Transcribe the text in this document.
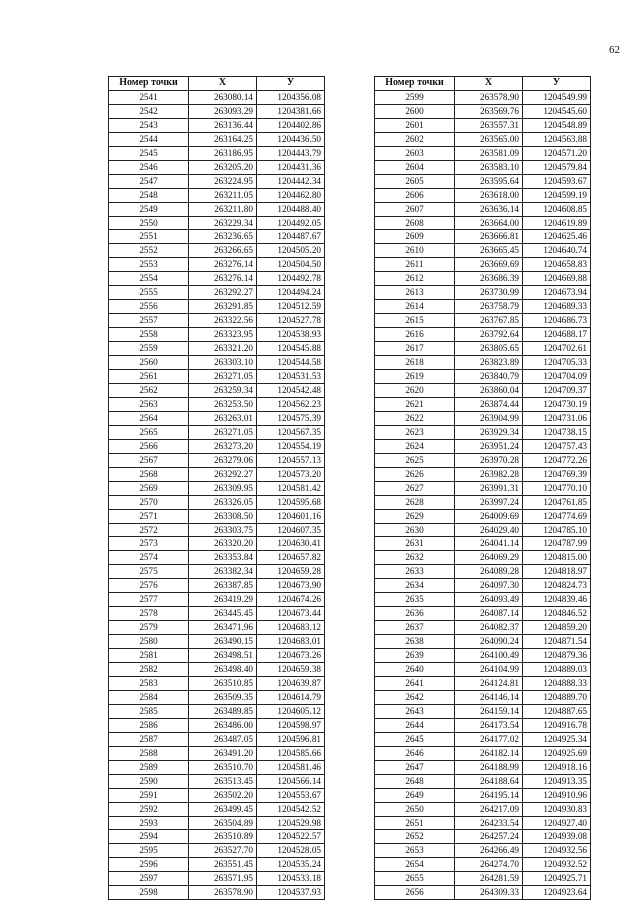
62
Номер точки	X	У
2541	263080.14	1204356.08
2542	263093.29	1204381.66
2543	263136.44	1204402.86
2544	263164.25	1204436.50
2545	263186.95	1204443.79
2546	263205.20	1204431.36
2547	263224.95	1204442.34
2548	263211.05	1204462.80
2549	263211.80	1204488.40
2550	263229.34	1204492.05
2551	263236.65	1204487.67
2552	263266.65	1204505.20
2553	263276.14	1204504.50
2554	263276.14	1204492.78
2555	263292.27	1204494.24
2556	263291.85	1204512.59
2557	263322.56	1204527.78
2558	263323.95	1204538.93
2559	263321.20	1204545.88
2560	263303.10	1204544.58
2561	263271.05	1204531.53
2562	263259.34	1204542.48
2563	263253.50	1204562.23
2564	263263.01	1204575.39
2565	263271.05	1204567.35
2566	263273.20	1204554.19
2567	263279.06	1204557.13
2568	263292.27	1204573.20
2569	263309.95	1204581.42
2570	263326.05	1204595.68
2571	263308.50	1204601.16
2572	263303.75	1204607.35
2573	263320.20	1204630.41
2574	263353.84	1204657.82
2575	263382.34	1204659.28
2576	263387.85	1204673.90
2577	263419.29	1204674.26
2578	263445.45	1204673.44
2579	263471.96	1204683.12
2580	263490.15	1204683.01
2581	263498.51	1204673.26
2582	263498.40	1204659.38
2583	263510.85	1204639.87
2584	263509.35	1204614.79
2585	263489.85	1204605.12
2586	263486.00	1204598.97
2587	263487.05	1204596.81
2588	263491.20	1204585.66
2589	263510.70	1204581.46
2590	263513.45	1204566.14
2591	263502.20	1204553.67
2592	263499.45	1204542.52
2593	263504.89	1204529.98
2594	263510.89	1204522.57
2595	263527.70	1204528.05
2596	263551.45	1204535.24
2597	263571.95	1204533.18
2598	263578.90	1204537.93
Номер точки	X	У
2599	263578.90	1204549.99
2600	263569.76	1204545.60
2601	263557.31	1204548.89
2602	263565.00	1204563.88
2603	263581.09	1204571.20
2604	263583.10	1204579.84
2605	263595.64	1204593.67
2606	263618.00	1204599.19
2607	263636.14	1204608.85
2608	263664.00	1204619.89
2609	263666.81	1204625.46
2610	263665.45	1204640.74
2611	263669.69	1204658.83
2612	263686.39	1204669.88
2613	263730.99	1204673.94
2614	263758.79	1204689.33
2615	263767.85	1204686.73
2616	263792.64	1204688.17
2617	263805.65	1204702.61
2618	263823.89	1204705.33
2619	263840.79	1204704.09
2620	263860.04	1204709.37
2621	263874.44	1204730.19
2622	263904.99	1204731.06
2623	263929.34	1204738.15
2624	263951.24	1204757.43
2625	263970.28	1204772.26
2626	263982.28	1204769.39
2627	263991.31	1204770.10
2628	263997.24	1204761.85
2629	264009.69	1204774.69
2630	264029.40	1204785.10
2631	264041.14	1204787.99
2632	264069.29	1204815.00
2633	264089.28	1204818.97
2634	264097.30	1204824.73
2635	264093.49	1204839.46
2636	264087.14	1204846.52
2637	264082.37	1204859.20
2638	264090.24	1204871.54
2639	264100.49	1204879.36
2640	264104.99	1204889.03
2641	264124.81	1204888.33
2642	264146.14	1204889.70
2643	264159.14	1204887.65
2644	264173.54	1204916.78
2645	264177.02	1204925.34
2646	264182.14	1204925.69
2647	264188.99	1204918.16
2648	264188.64	1204913.35
2649	264195.14	1204910.96
2650	264217.09	1204930.83
2651	264233.54	1204927.40
2652	264257.24	1204939.08
2653	264266.49	1204932.56
2654	264274.70	1204932.52
2655	264281.59	1204925.71
2656	264309.33	1204923.64
